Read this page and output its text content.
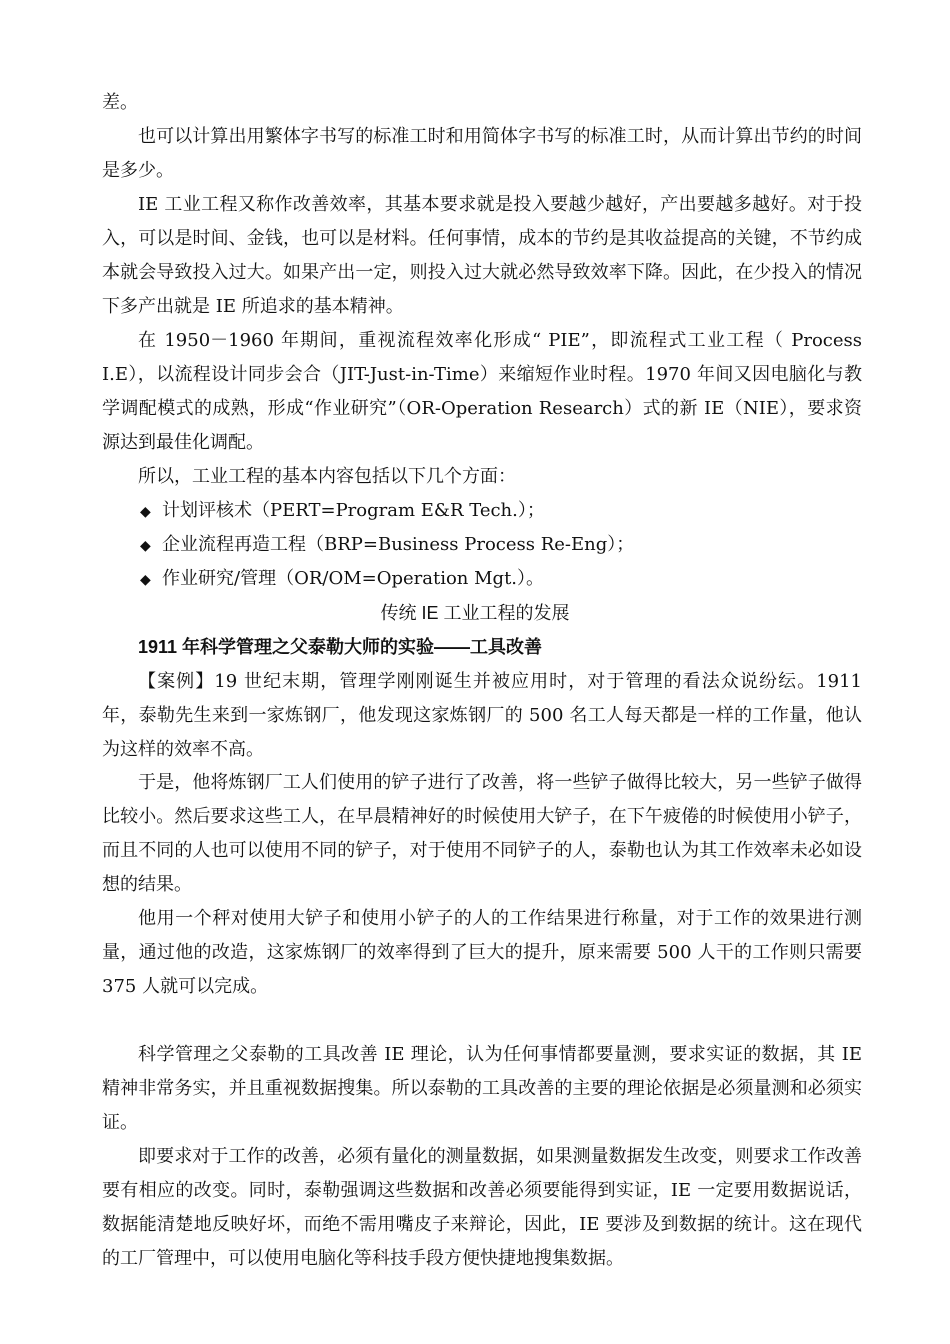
差。

也可以计算出用繁体字书写的标准工时和用简体字书写的标准工时，从而计算出节约的时间是多少。

IE 工业工程又称作改善效率，其基本要求就是投入要越少越好，产出要越多越好。对于投入，可以是时间、金钱，也可以是材料。任何事情，成本的节约是其收益提高的关键，不节约成本就会导致投入过大。如果产出一定，则投入过大就必然导致效率下降。因此，在少投入的情况下多产出就是 IE 所追求的基本精神。

在 1950－1960 年期间，重视流程效率化形成“ PIE”，即流程式工业工程（ Process I.E），以流程设计同步会合（JIT-Just-in-Time）来缩短作业时程。1970 年间又因电脑化与教学调配模式的成熟，形成“作业研究”（OR-Operation Research）式的新 IE（NIE），要求资源达到最佳化调配。

所以，工业工程的基本内容包括以下几个方面：

◆ 计划评核术（PERT=Program E&R Tech.）；
◆ 企业流程再造工程（BRP=Business Process Re-Eng）；
◆ 作业研究/管理（OR/OM=Operation Mgt.）。
传统 IE 工业工程的发展
1911 年科学管理之父泰勒大师的实验——工具改善

【案例】19 世纪末期，管理学刚刚诞生并被应用时，对于管理的看法众说纷纭。1911 年，泰勒先生来到一家炼钢厂，他发现这家炼钢厂的 500 名工人每天都是一样的工作量，他认为这样的效率不高。

于是，他将炼钢厂工人们使用的铲子进行了改善，将一些铲子做得比较大，另一些铲子做得比较小。然后要求这些工人，在早晨精神好的时候使用大铲子，在下午疲倦的时候使用小铲子，而且不同的人也可以使用不同的铲子，对于使用不同铲子的人，泰勒也认为其工作效率未必如设想的结果。

他用一个秤对使用大铲子和使用小铲子的人的工作结果进行称量，对于工作的效果进行测量，通过他的改造，这家炼钢厂的效率得到了巨大的提升，原来需要 500 人干的工作则只需要 375 人就可以完成。

科学管理之父泰勒的工具改善 IE 理论，认为任何事情都要量测，要求实证的数据，其 IE 精神非常务实，并且重视数据搜集。所以泰勒的工具改善的主要的理论依据是必须量测和必须实证。

即要求对于工作的改善，必须有量化的测量数据，如果测量数据发生改变，则要求工作改善要有相应的改变。同时，泰勒强调这些数据和改善必须要能得到实证，IE 一定要用数据说话，数据能清楚地反映好坏，而绝不需用嘴皮子来辩论，因此，IE 要涉及到数据的统计。这在现代的工厂管理中，可以使用电脑化等科技手段方便快捷地搜集数据。
